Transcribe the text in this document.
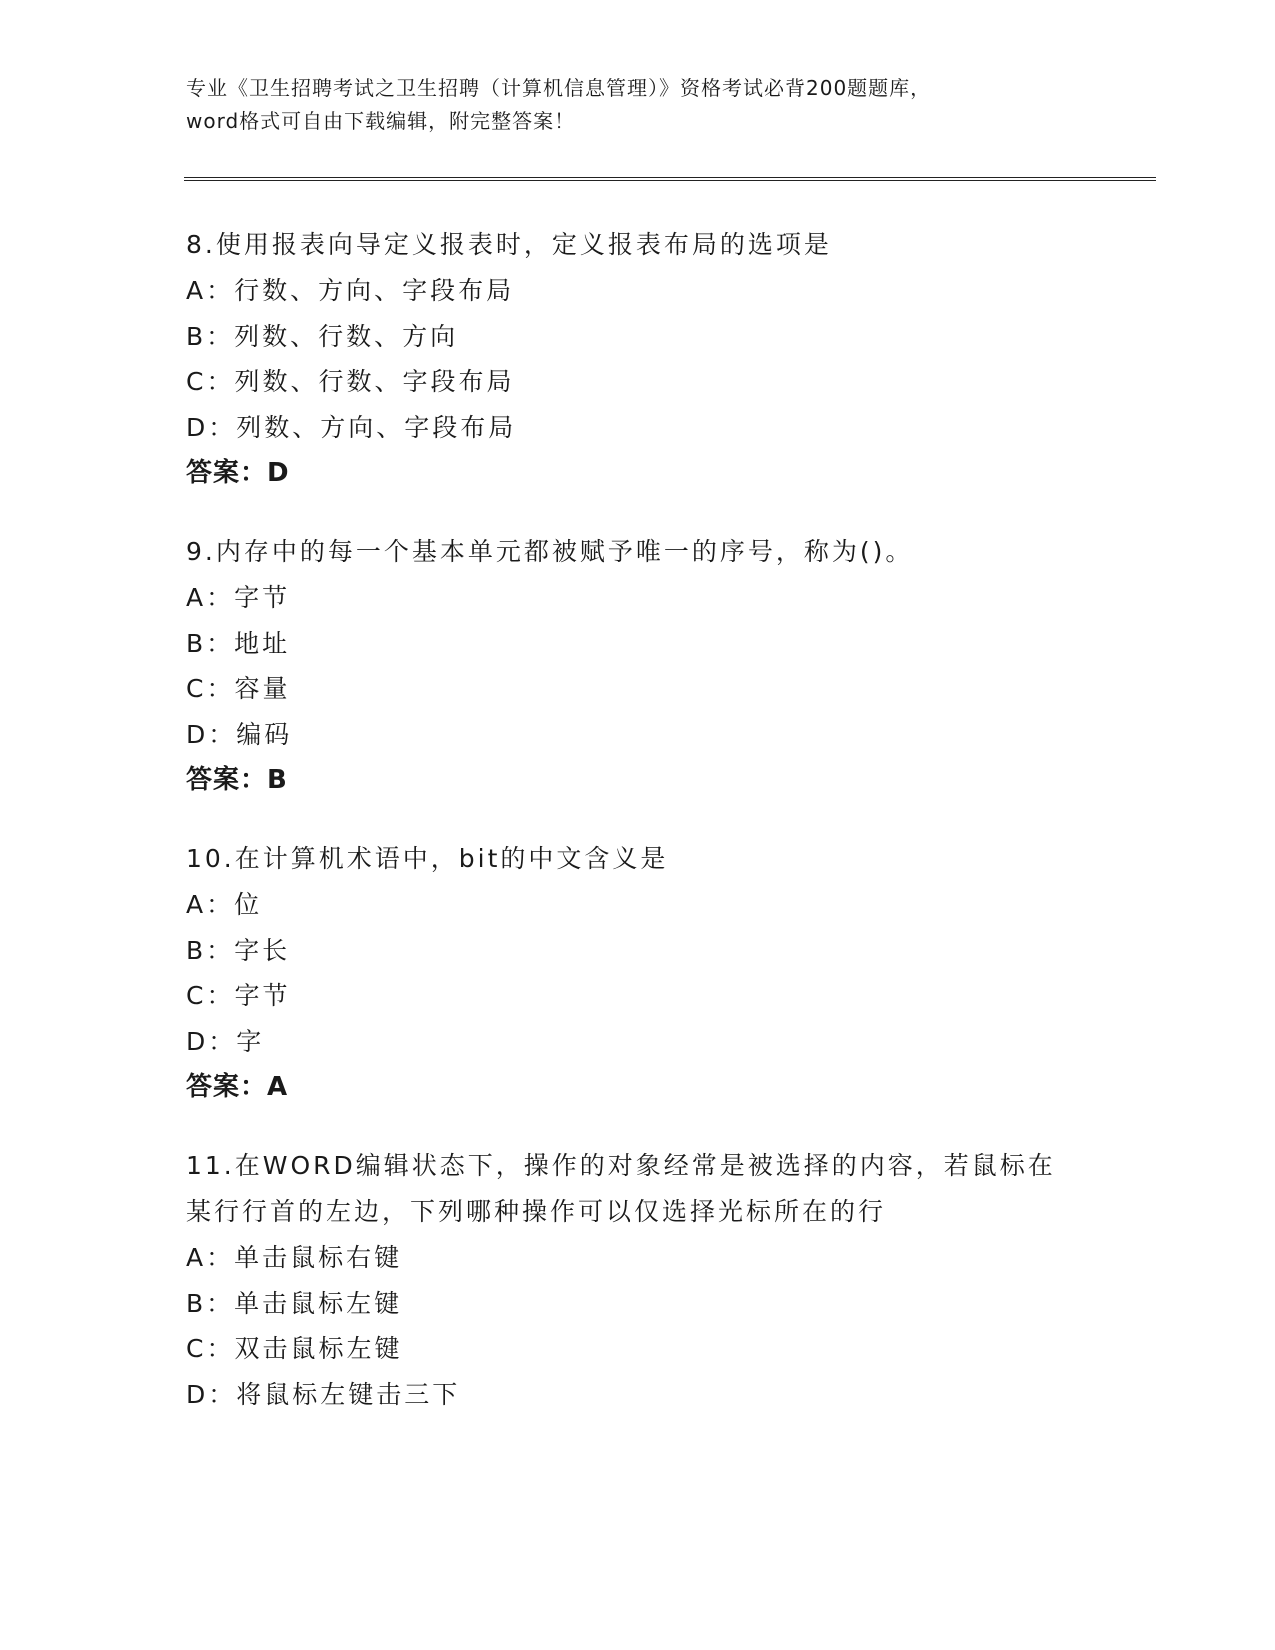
专业《卫生招聘考试之卫生招聘（计算机信息管理）》资格考试必背200题题库，
word格式可自由下载编辑，附完整答案！
8.使用报表向导定义报表时，定义报表布局的选项是
A：行数、方向、字段布局
B：列数、行数、方向
C：列数、行数、字段布局
D：列数、方向、字段布局
答案：D
9.内存中的每一个基本单元都被赋予唯一的序号，称为()。
A：字节
B：地址
C：容量
D：编码
答案：B
10.在计算机术语中，bit的中文含义是
A：位
B：字长
C：字节
D：字
答案：A
11.在WORD编辑状态下，操作的对象经常是被选择的内容，若鼠标在
某行行首的左边，下列哪种操作可以仅选择光标所在的行
A：单击鼠标右键
B：单击鼠标左键
C：双击鼠标左键
D：将鼠标左键击三下
